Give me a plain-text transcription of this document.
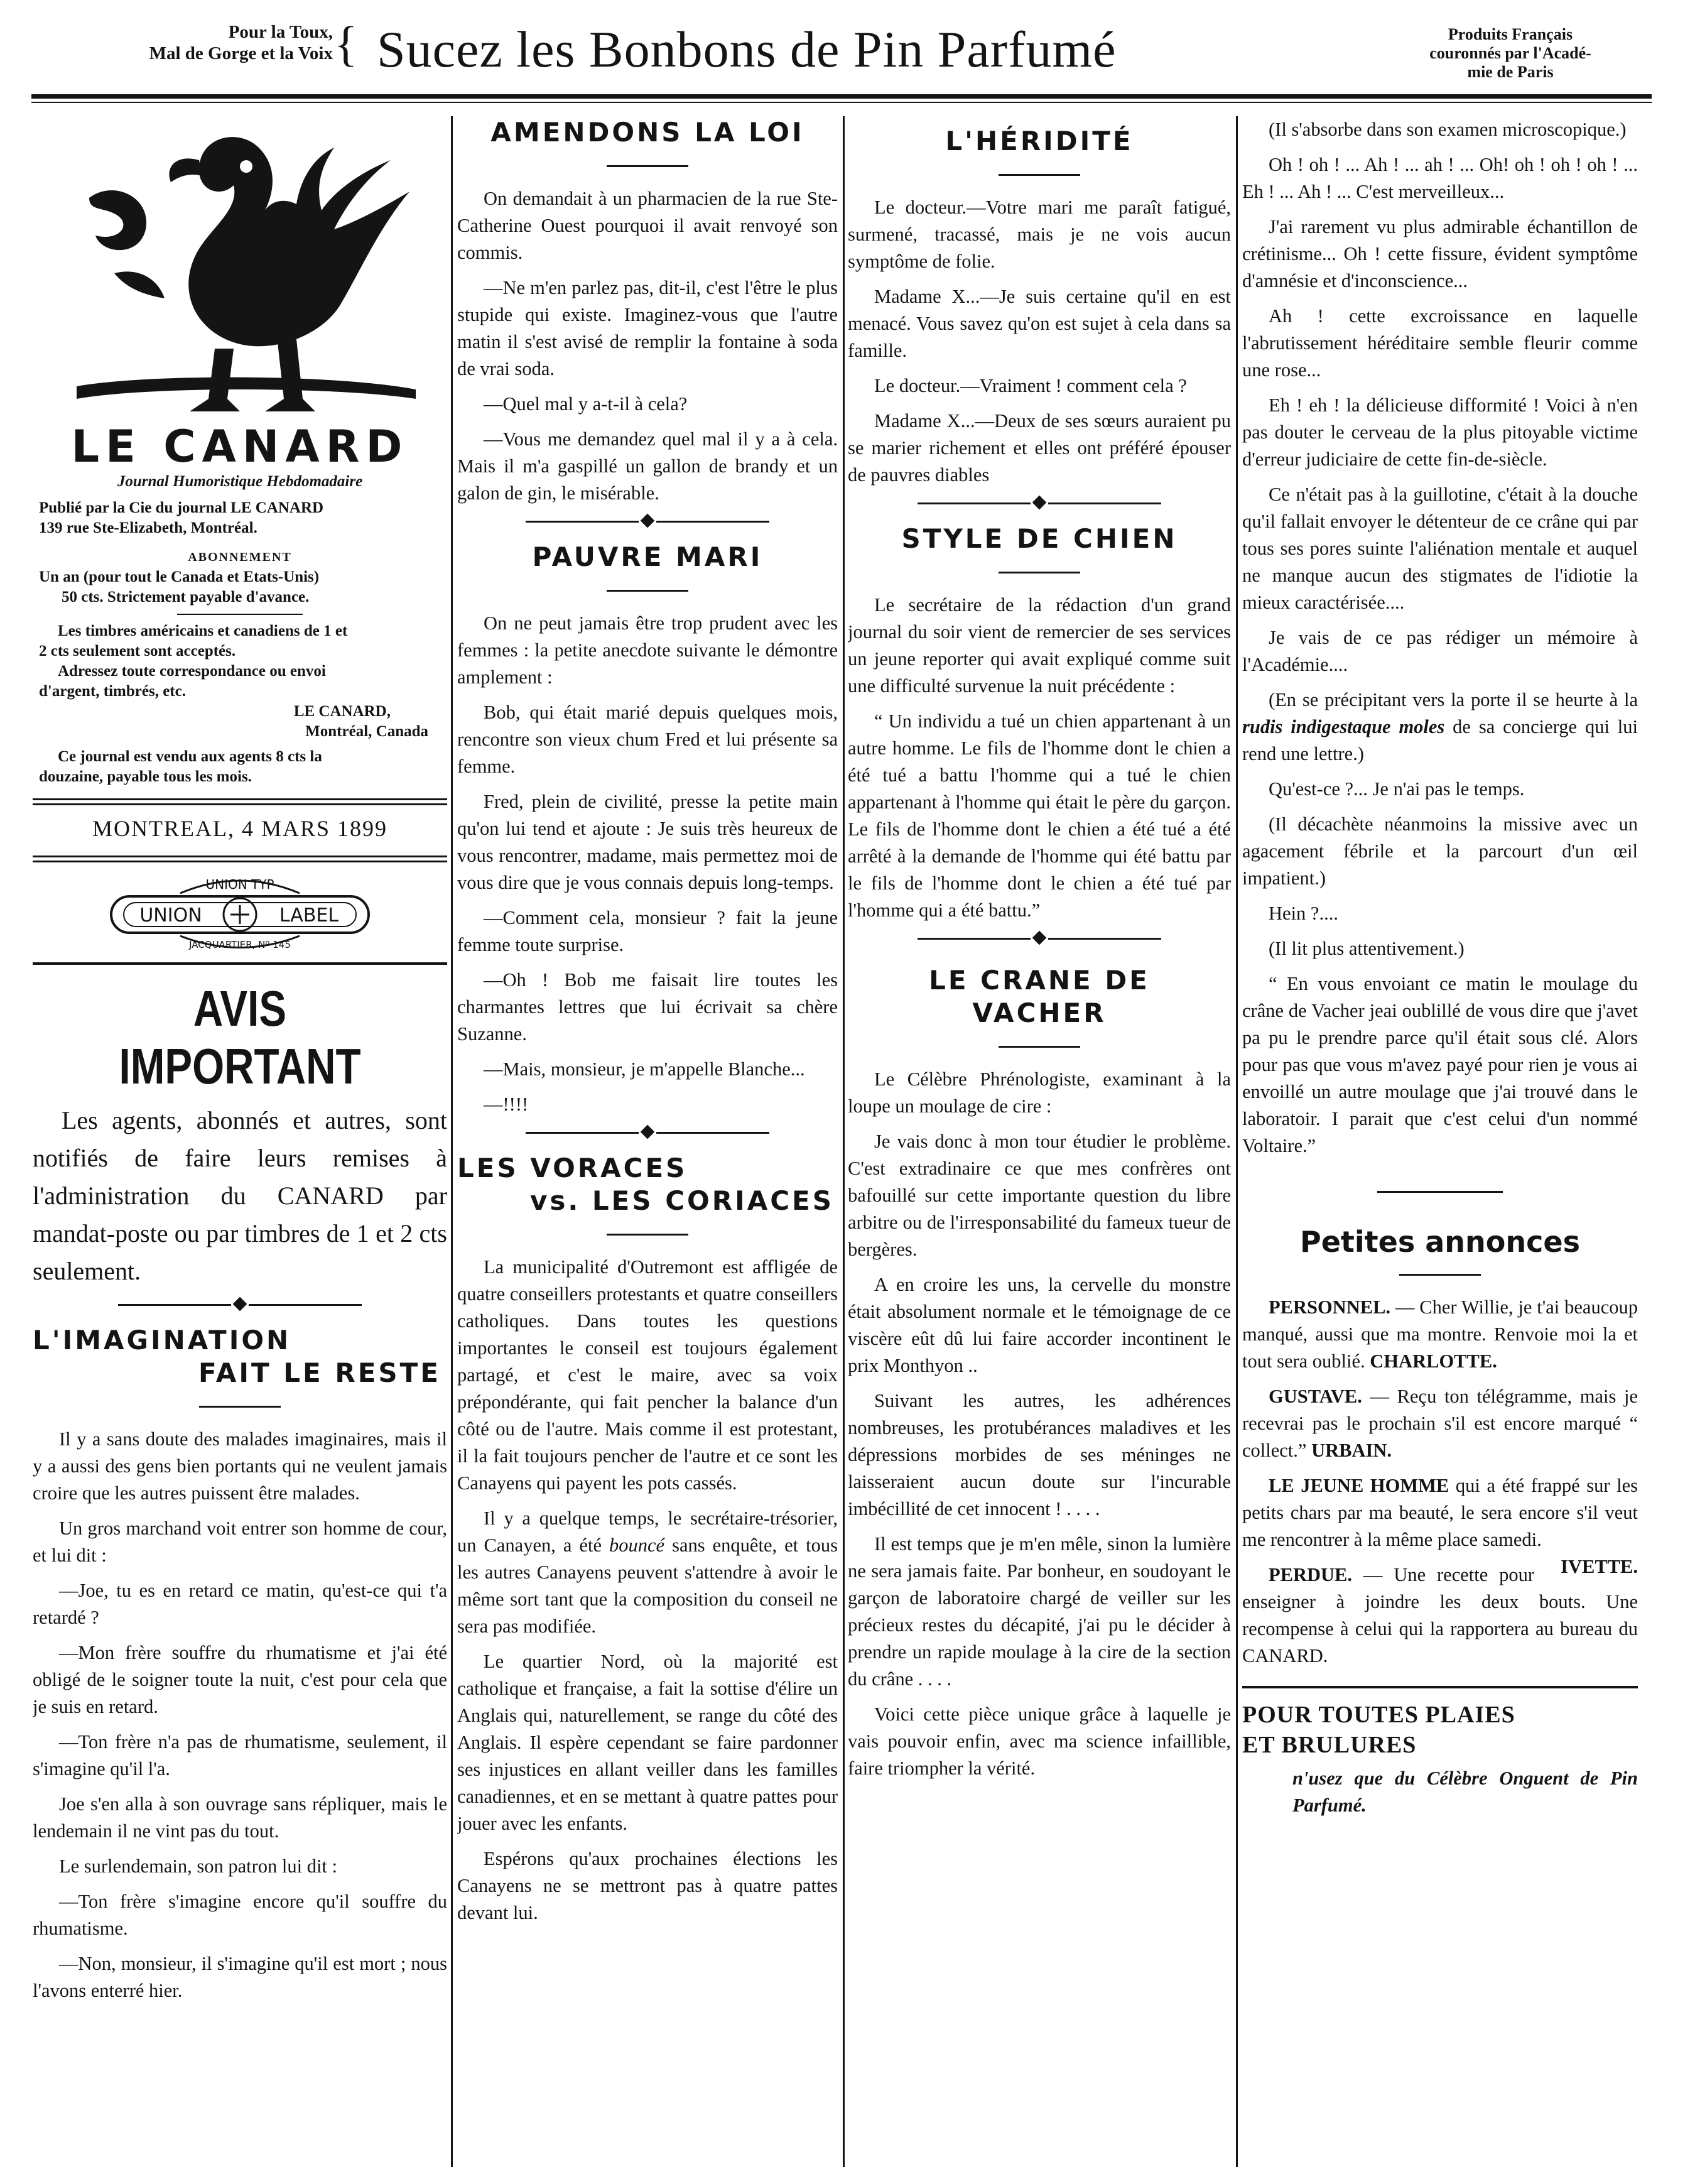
Pour la Toux,
Mal de Gorge et la Voix { Sucez les Bonbons de Pin Parfumé	Produits Français
couronnés par l'Acadé-
mie de Paris
LE CANARD
Journal Humoristique Hebdomadaire
Publié par la Cie du journal LE CANARD
139 rue Ste-Elizabeth, Montréal.
ABONNEMENT
Un an (pour tout le Canada et Etats-Unis)
50 cts. Strictement payable d'avance.
Les timbres américains et canadiens de 1 et
2 cts seulement sont acceptés.
Adressez toute correspondance ou envoi
d'argent, timbrés, etc.
LE CANARD,
Montréal, Canada
Ce journal est vendu aux agents 8 cts la
douzaine, payable tous les mois.
MONTREAL, 4 MARS 1899
UNION TYP
UNION	LABEL
JACQUARTIER, Nº 145
AVIS IMPORTANT

Les agents, abonnés et autres, sont notifiés de faire leurs remises à l'administration du CANARD par mandat-poste ou par timbres de 1 et 2 cts seulement.

L'IMAGINATION
FAIT LE RESTE

Il y a sans doute des malades imaginaires, mais il y a aussi des gens bien portants qui ne veulent jamais croire que les autres puissent être malades.

Un gros marchand voit entrer son homme de cour, et lui dit :

—Joe, tu es en retard ce matin, qu'est-ce qui t'a retardé ?

—Mon frère souffre du rhumatisme et j'ai été obligé de le soigner toute la nuit, c'est pour cela que je suis en retard.

—Ton frère n'a pas de rhumatisme, seulement, il s'imagine qu'il l'a.

Joe s'en alla à son ouvrage sans répliquer, mais le lendemain il ne vint pas du tout.

Le surlendemain, son patron lui dit :

—Ton frère s'imagine encore qu'il souffre du rhumatisme.

—Non, monsieur, il s'imagine qu'il est mort ; nous l'avons enterré hier.

AMENDONS LA LOI

On demandait à un pharmacien de la rue Ste-Catherine Ouest pourquoi il avait renvoyé son commis.

—Ne m'en parlez pas, dit-il, c'est l'être le plus stupide qui existe. Imaginez-vous que l'autre matin il s'est avisé de remplir la fontaine à soda de vrai soda.

—Quel mal y a-t-il à cela?

—Vous me demandez quel mal il y a à cela. Mais il m'a gaspillé un gallon de brandy et un galon de gin, le misérable.

PAUVRE MARI

On ne peut jamais être trop prudent avec les femmes : la petite anecdote suivante le démontre amplement :

Bob, qui était marié depuis quelques mois, rencontre son vieux chum Fred et lui présente sa femme.

Fred, plein de civilité, presse la petite main qu'on lui tend et ajoute : Je suis très heureux de vous rencontrer, madame, mais permettez moi de vous dire que je vous connais depuis long-temps.

—Comment cela, monsieur ? fait la jeune femme toute surprise.

—Oh ! Bob me faisait lire toutes les charmantes lettres que lui écrivait sa chère Suzanne.

—Mais, monsieur, je m'appelle Blanche...

—!!!!

LES VORACES
vs. LES CORIACES

La municipalité d'Outremont est affligée de quatre conseillers protestants et quatre conseillers catholiques. Dans toutes les questions importantes le conseil est toujours également partagé, et c'est le maire, avec sa voix prépondérante, qui fait pencher la balance d'un côté ou de l'autre. Mais comme il est protestant, il la fait toujours pencher de l'autre et ce sont les Canayens qui payent les pots cassés.

Il y a quelque temps, le secrétaire-trésorier, un Canayen, a été bouncé sans enquête, et tous les autres Canayens peuvent s'attendre à avoir le même sort tant que la composition du conseil ne sera pas modifiée.

Le quartier Nord, où la majorité est catholique et française, a fait la sottise d'élire un Anglais qui, naturellement, se range du côté des Anglais. Il espère cependant se faire pardonner ses injustices en allant veiller dans les familles canadiennes, et en se mettant à quatre pattes pour jouer avec les enfants.

Espérons qu'aux prochaines élections les Canayens ne se mettront pas à quatre pattes devant lui.

L'HÉRIDITÉ

Le docteur.—Votre mari me paraît fatigué, surmené, tracassé, mais je ne vois aucun symptôme de folie.

Madame X...—Je suis certaine qu'il en est menacé. Vous savez qu'on est sujet à cela dans sa famille.

Le docteur.—Vraiment ! comment cela ?

Madame X...—Deux de ses sœurs auraient pu se marier richement et elles ont préféré épouser de pauvres diables

STYLE DE CHIEN

Le secrétaire de la rédaction d'un grand journal du soir vient de remercier de ses services un jeune reporter qui avait expliqué comme suit une difficulté survenue la nuit précédente :

“ Un individu a tué un chien appartenant à un autre homme. Le fils de l'homme dont le chien a été tué a battu l'homme qui a tué le chien appartenant à l'homme qui était le père du garçon. Le fils de l'homme dont le chien a été tué a été arrêté à la demande de l'homme qui été battu par le fils de l'homme dont le chien a été tué par l'homme qui a été battu.”

LE CRANE DE
VACHER

Le Célèbre Phrénologiste, examinant à la loupe un moulage de cire :

Je vais donc à mon tour étudier le problème. C'est extradinaire ce que mes confrères ont bafouillé sur cette importante question du libre arbitre ou de l'irresponsabilité du fameux tueur de bergères.

A en croire les uns, la cervelle du monstre était absolument normale et le témoignage de ce viscère eût dû lui faire accorder incontinent le prix Monthyon ..

Suivant les autres, les adhérences nombreuses, les protubérances maladives et les dépressions morbides de ses méninges ne laisseraient aucun doute sur l'incurable imbécillité de cet innocent ! . . . .

Il est temps que je m'en mêle, sinon la lumière ne sera jamais faite. Par bonheur, en soudoyant le garçon de laboratoire chargé de veiller sur les précieux restes du décapité, j'ai pu le décider à prendre un rapide moulage à la cire de la section du crâne . . . .

Voici cette pièce unique grâce à laquelle je vais pouvoir enfin, avec ma science infaillible, faire triompher la vérité.

(Il s'absorbe dans son examen microscopique.)

Oh ! oh ! ... Ah ! ... ah ! ... Oh! oh ! oh ! oh ! ... Eh ! ... Ah ! ... C'est merveilleux...

J'ai rarement vu plus admirable échantillon de crétinisme... Oh ! cette fissure, évident symptôme d'amnésie et d'inconscience...

Ah ! cette excroissance en laquelle l'abrutissement héréditaire semble fleurir comme une rose...

Eh ! eh ! la délicieuse difformité ! Voici à n'en pas douter le cerveau de la plus pitoyable victime d'erreur judiciaire de cette fin-de-siècle.

Ce n'était pas à la guillotine, c'était à la douche qu'il fallait envoyer le détenteur de ce crâne qui par tous ses pores suinte l'aliénation mentale et auquel ne manque aucun des stigmates de l'idiotie la mieux caractérisée....

Je vais de ce pas rédiger un mémoire à l'Académie....

(En se précipitant vers la porte il se heurte à la rudis indigestaque moles de sa concierge qui lui rend une lettre.)

Qu'est-ce ?... Je n'ai pas le temps.

(Il décachète néanmoins la missive avec un agacement fébrile et la parcourt d'un œil impatient.)

Hein ?....

(Il lit plus attentivement.)

“ En vous envoiant ce matin le moulage du crâne de Vacher jeai oublillé de vous dire que j'avet pa pu le prendre parce qu'il était sous clé. Alors pour pas que vous m'avez payé pour rien je vous ai envoillé un autre moulage que j'ai trouvé dans le laboratoir. I parait que c'est celui d'un nommé Voltaire.”

Petites annonces

PERSONNEL. — Cher Willie, je t'ai beaucoup manqué, aussi que ma montre. Renvoie moi la et tout sera oublié. CHARLOTTE.

GUSTAVE. — Reçu ton télégramme, mais je recevrai pas le prochain s'il est encore marqué “ collect.” URBAIN.

LE JEUNE HOMME qui a été frappé sur les petits chars par ma beauté, le sera encore s'il veut me rencontrer à la même place samedi.
IVETTE.

PERDUE. — Une recette pour enseigner à joindre les deux bouts. Une recompense à celui qui la rapportera au bureau du CANARD.

POUR TOUTES PLAIES
ET BRULURES

n'usez que du Célèbre Onguent de Pin Parfumé.
